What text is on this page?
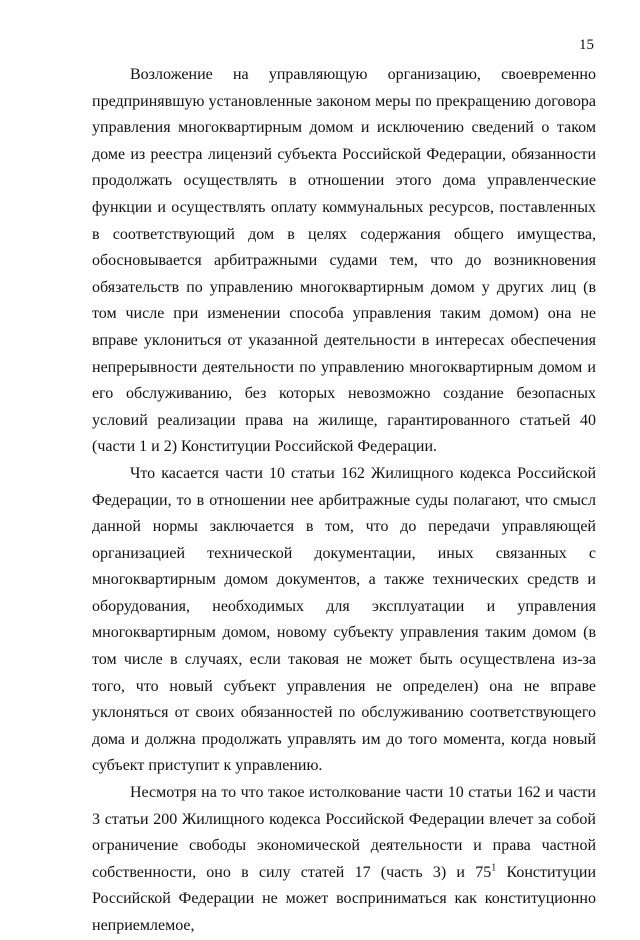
15

Возложение на управляющую организацию, своевременно предпринявшую установленные законом меры по прекращению договора управления многоквартирным домом и исключению сведений о таком доме из реестра лицензий субъекта Российской Федерации, обязанности продолжать осуществлять в отношении этого дома управленческие функции и осуществлять оплату коммунальных ресурсов, поставленных в соответствующий дом в целях содержания общего имущества, обосновывается арбитражными судами тем, что до возникновения обязательств по управлению многоквартирным домом у других лиц (в том числе при изменении способа управления таким домом) она не вправе уклониться от указанной деятельности в интересах обеспечения непрерывности деятельности по управлению многоквартирным домом и его обслуживанию, без которых невозможно создание безопасных условий реализации права на жилище, гарантированного статьей 40 (части 1 и 2) Конституции Российской Федерации.

Что касается части 10 статьи 162 Жилищного кодекса Российской Федерации, то в отношении нее арбитражные суды полагают, что смысл данной нормы заключается в том, что до передачи управляющей организацией технической документации, иных связанных с многоквартирным домом документов, а также технических средств и оборудования, необходимых для эксплуатации и управления многоквартирным домом, новому субъекту управления таким домом (в том числе в случаях, если таковая не может быть осуществлена из-за того, что новый субъект управления не определен) она не вправе уклоняться от своих обязанностей по обслуживанию соответствующего дома и должна продолжать управлять им до того момента, когда новый субъект приступит к управлению.

Несмотря на то что такое истолкование части 10 статьи 162 и части 3 статьи 200 Жилищного кодекса Российской Федерации влечет за собой ограничение свободы экономической деятельности и права частной собственности, оно в силу статей 17 (часть 3) и $75^1$ Конституции Российской Федерации не может восприниматься как конституционно неприемлемое,
